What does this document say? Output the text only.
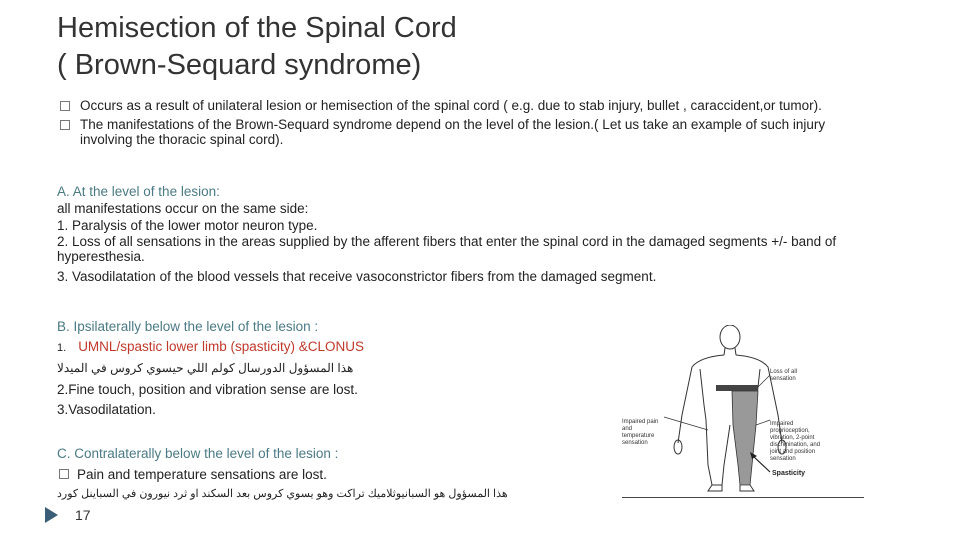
Hemisection of the Spinal Cord
( Brown-Sequard syndrome)
Occurs as a result of unilateral lesion or hemisection of the spinal cord ( e.g. due to stab injury, bullet , caraccident,or tumor).
The manifestations of the Brown-Sequard syndrome depend on the level of the lesion.( Let us take an example of such injury involving the thoracic spinal cord).
A. At the level of the lesion:
all manifestations occur on the same side:
1. Paralysis of the lower motor neuron type.
2. Loss of all sensations in the areas supplied by the afferent fibers that enter the spinal cord in the damaged segments +/- band of hyperesthesia.
3. Vasodilatation of the blood vessels that receive vasoconstrictor fibers from the damaged segment.
B. Ipsilaterally below the level of the lesion :
1. UMNL/spastic lower limb (spasticity) &CLONUS
هذا المسؤول الدورسال كولم اللي حيسوي كروس في الميدلا
2.Fine touch, position and vibration sense are lost.
3.Vasodilatation.
C. Contralaterally below the level of the lesion :
Pain and temperature sensations are lost.
هذا المسؤول هو السبانيوثلاميك تراكت وهو يسوي كروس بعد السكند او ثرد نيورون في السباينل كورد
Loss of all sensation
Impaired proprioception, vibration, 2-point discrimination, and joint and position sensation
Impaired pain and temperature sensation
Spasticity
17
